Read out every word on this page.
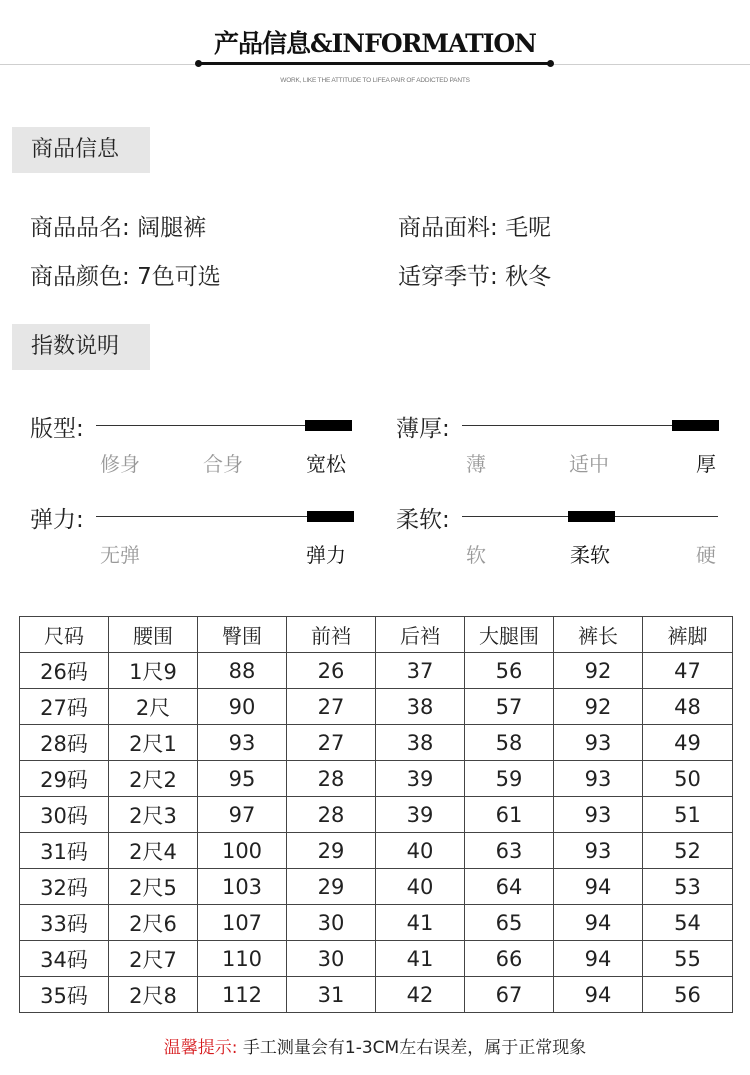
产品信息&INFORMATION
WORK, LIKE THE ATTITUDE TO LIFEA PAIR OF ADDICTED PANTS
商品信息
商品品名: 阔腿裤	商品面料: 毛呢
商品颜色: 7色可选	适穿季节: 秋冬
指数说明
版型:
修身	合身	宽松
薄厚:
薄	适中	厚
弹力:
无弹	弹力
柔软:
软	柔软	硬
尺码	腰围	臀围	前裆	后裆	大腿围	裤长	裤脚
26码	1尺9	88	26	37	56	92	47
27码	2尺	90	27	38	57	92	48
28码	2尺1	93	27	38	58	93	49
29码	2尺2	95	28	39	59	93	50
30码	2尺3	97	28	39	61	93	51
31码	2尺4	100	29	40	63	93	52
32码	2尺5	103	29	40	64	94	53
33码	2尺6	107	30	41	65	94	54
34码	2尺7	110	30	41	66	94	55
35码	2尺8	112	31	42	67	94	56
温馨提示: 手工测量会有1-3CM左右误差，属于正常现象
